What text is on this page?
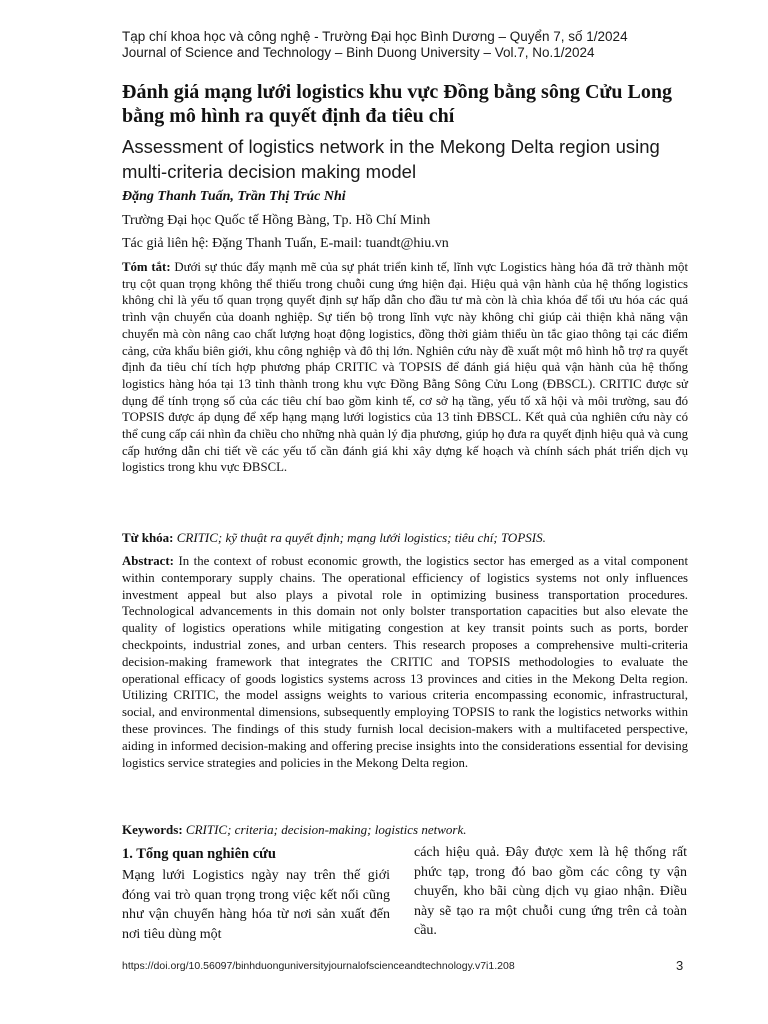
Tạp chí khoa học và công nghệ - Trường Đại học Bình Dương – Quyển 7, số 1/2024
Journal of Science and Technology – Binh Duong University – Vol.7, No.1/2024
Đánh giá mạng lưới logistics khu vực Đồng bằng sông Cửu Long bằng mô hình ra quyết định đa tiêu chí
Assessment of logistics network in the Mekong Delta region using multi-criteria decision making model
Đặng Thanh Tuấn, Trần Thị Trúc Nhi
Trường Đại học Quốc tế Hồng Bàng, Tp. Hồ Chí Minh
Tác giả liên hệ: Đặng Thanh Tuấn, E-mail: tuandt@hiu.vn
Tóm tắt: Dưới sự thúc đẩy mạnh mẽ của sự phát triển kinh tế, lĩnh vực Logistics hàng hóa đã trở thành một trụ cột quan trọng không thể thiếu trong chuỗi cung ứng hiện đại. Hiệu quả vận hành của hệ thống logistics không chỉ là yếu tố quan trọng quyết định sự hấp dẫn cho đầu tư mà còn là chìa khóa để tối ưu hóa các quá trình vận chuyển của doanh nghiệp. Sự tiến bộ trong lĩnh vực này không chỉ giúp cải thiện khả năng vận chuyển mà còn nâng cao chất lượng hoạt động logistics, đồng thời giảm thiểu ùn tắc giao thông tại các điểm cảng, cửa khẩu biên giới, khu công nghiệp và đô thị lớn. Nghiên cứu này đề xuất một mô hình hỗ trợ ra quyết định đa tiêu chí tích hợp phương pháp CRITIC và TOPSIS để đánh giá hiệu quả vận hành của hệ thống logistics hàng hóa tại 13 tỉnh thành trong khu vực Đồng Bằng Sông Cửu Long (ĐBSCL). CRITIC được sử dụng để tính trọng số của các tiêu chí bao gồm kinh tế, cơ sở hạ tầng, yếu tố xã hội và môi trường, sau đó TOPSIS được áp dụng để xếp hạng mạng lưới logistics của 13 tỉnh ĐBSCL. Kết quả của nghiên cứu này có thể cung cấp cái nhìn đa chiều cho những nhà quản lý địa phương, giúp họ đưa ra quyết định hiệu quả và cung cấp hướng dẫn chi tiết về các yếu tố cần đánh giá khi xây dựng kế hoạch và chính sách phát triển dịch vụ logistics trong khu vực ĐBSCL.
Từ khóa: CRITIC; kỹ thuật ra quyết định; mạng lưới logistics; tiêu chí; TOPSIS.
Abstract: In the context of robust economic growth, the logistics sector has emerged as a vital component within contemporary supply chains. The operational efficiency of logistics systems not only influences investment appeal but also plays a pivotal role in optimizing business transportation procedures. Technological advancements in this domain not only bolster transportation capacities but also elevate the quality of logistics operations while mitigating congestion at key transit points such as ports, border checkpoints, industrial zones, and urban centers. This research proposes a comprehensive multi-criteria decision-making framework that integrates the CRITIC and TOPSIS methodologies to evaluate the operational efficacy of goods logistics systems across 13 provinces and cities in the Mekong Delta region. Utilizing CRITIC, the model assigns weights to various criteria encompassing economic, infrastructural, social, and environmental dimensions, subsequently employing TOPSIS to rank the logistics networks within these provinces. The findings of this study furnish local decision-makers with a multifaceted perspective, aiding in informed decision-making and offering precise insights into the considerations essential for devising logistics service strategies and policies in the Mekong Delta region.
Keywords: CRITIC; criteria; decision-making; logistics network.
1. Tổng quan nghiên cứu
Mạng lưới Logistics ngày nay trên thế giới đóng vai trò quan trọng trong việc kết nối cũng như vận chuyển hàng hóa từ nơi sản xuất đến nơi tiêu dùng một
cách hiệu quả. Đây được xem là hệ thống rất phức tạp, trong đó bao gồm các công ty vận chuyển, kho bãi cùng dịch vụ giao nhận. Điều này sẽ tạo ra một chuỗi cung ứng trên cả toàn cầu.
https://doi.org/10.56097/binhduonguniversityjournalofscienceandtechnology.v7i1.208	3
